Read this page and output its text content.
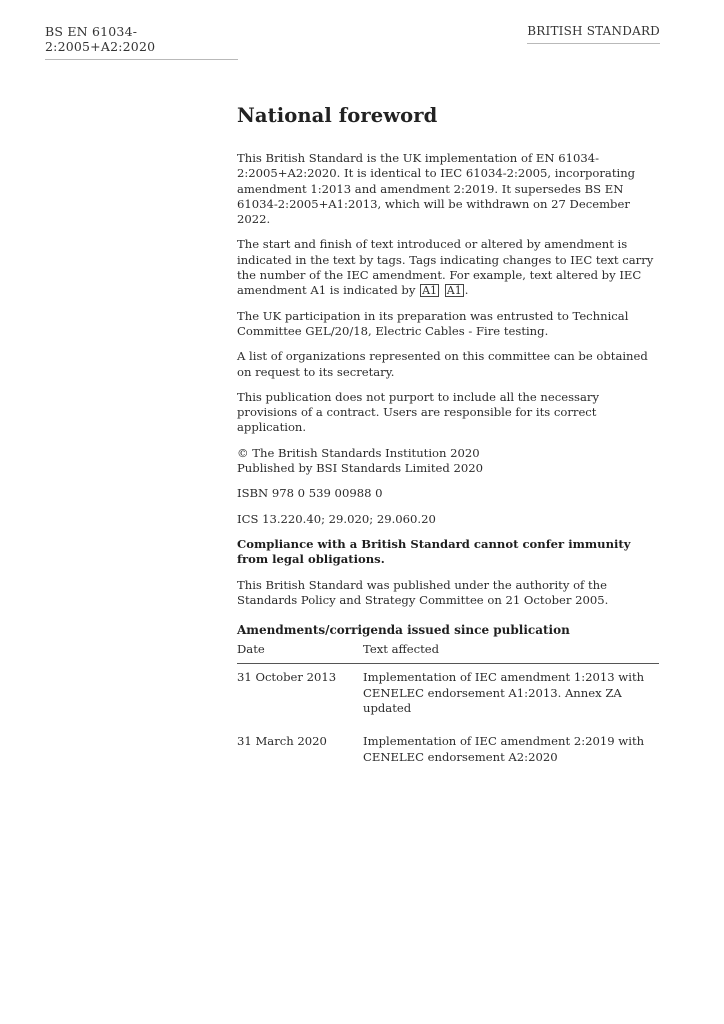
BS EN 61034-2:2005+A2:2020
BRITISH STANDARD
National foreword

This British Standard is the UK implementation of EN 61034-2:2005+A2:2020. It is identical to IEC 61034-2:2005, incorporating amendment 1:2013 and amendment 2:2019. It supersedes BS EN 61034-2:2005+A1:2013, which will be withdrawn on 27 December 2022.

The start and finish of text introduced or altered by amendment is indicated in the text by tags. Tags indicating changes to IEC text carry the number of the IEC amendment. For example, text altered by IEC amendment A1 is indicated by A1 A1 .

The UK participation in its preparation was entrusted to Technical Committee GEL/20/18, Electric Cables - Fire testing.

A list of organizations represented on this committee can be obtained on request to its secretary.

This publication does not purport to include all the necessary provisions of a contract. Users are responsible for its correct application.

© The British Standards Institution 2020
Published by BSI Standards Limited 2020

ISBN 978 0 539 00988 0

ICS 13.220.40; 29.020; 29.060.20

Compliance with a British Standard cannot confer immunity from legal obligations.

This British Standard was published under the authority of the Standards Policy and Strategy Committee on 21 October 2005.

Amendments/corrigenda issued since publication
Date	Text affected
31 October 2013	Implementation of IEC amendment 1:2013 with CENELEC endorsement A1:2013. Annex ZA updated
31 March 2020	Implementation of IEC amendment 2:2019 with CENELEC endorsement A2:2020
